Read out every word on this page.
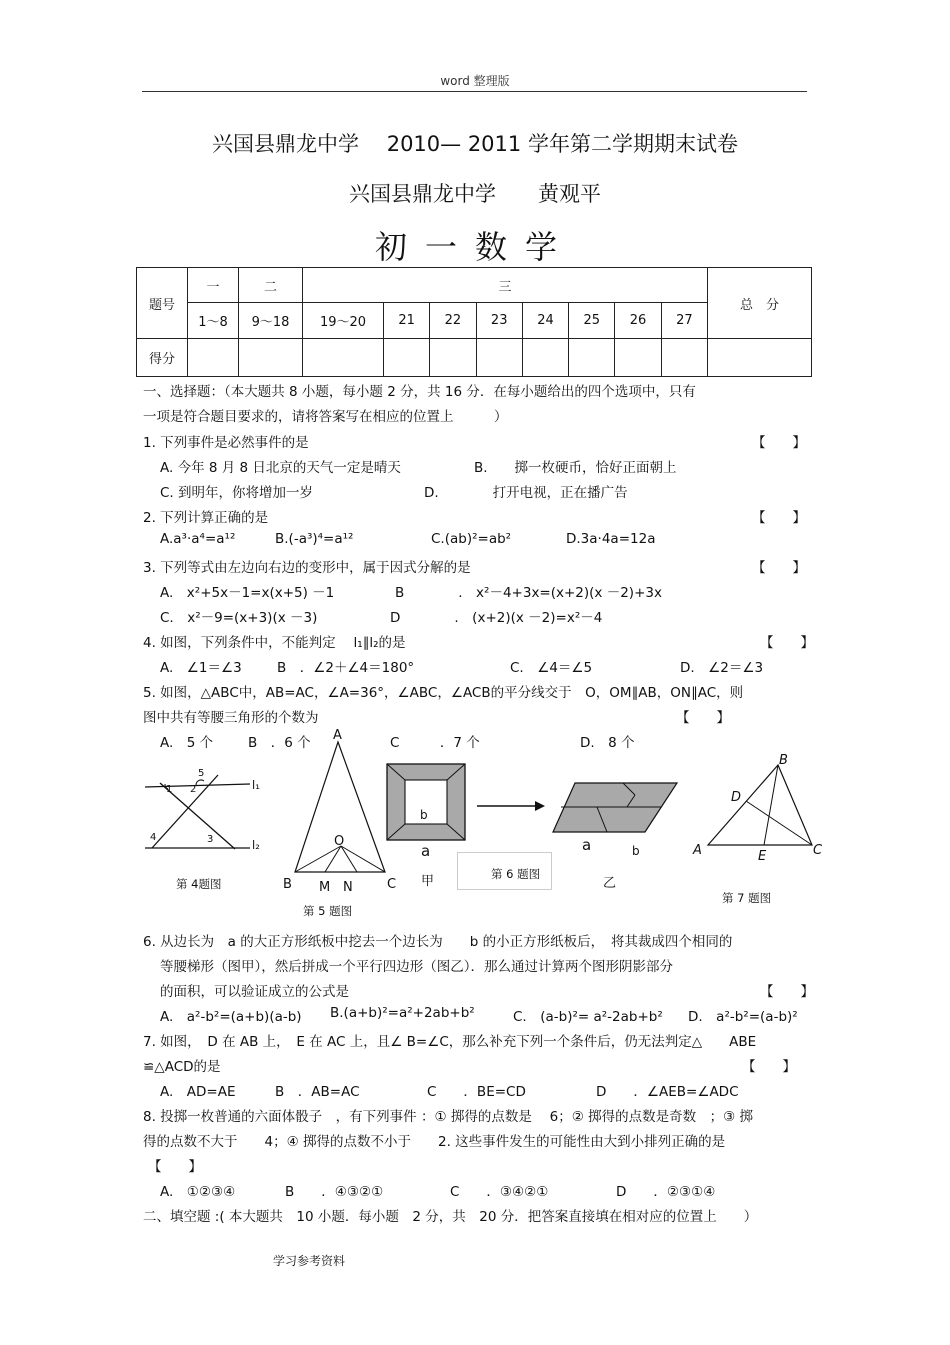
word 整理版
兴国县鼎龙中学　 2010— 2011 学年第二学期期末试卷
兴国县鼎龙中学　　黄观平
初一数学
题号	一	二	三								总　分
	1～8	9～18	19～20	21	22	23	24	25	26	27	
得分											
一、选择题：（本大题共 8 小题，每小题 2 分，共 16 分．在每小题给出的四个选项中，只有
一项是符合题目要求的，请将答案写在相应的位置上　　　）
1. 下列事件是必然事件的是	【　　】
A. 今年 8 月 8 日北京的天气一定是晴天	B.　　掷一枚硬币，恰好正面朝上
C. 到明年，你将增加一岁	D.　　　　打开电视，正在播广告
2. 下列计算正确的是	【　　】
A.a³·a⁴=a¹²	B.(-a³)⁴=a¹²	C.(ab)²=ab²	D.3a·4a=12a
3. 下列等式由左边向右边的变形中，属于因式分解的是	【　　】
A.　x²+5x－1=x(x+5) －1	B　　　　.　x²－4+3x=(x+2)(x －2)+3x
C.　x²－9=(x+3)(x －3)	D　　　　.　(x+2)(x －2)=x²－4
4. 如图，下列条件中，不能判定　 l₁∥l₂的是	【　　】
A.　∠1＝∠3	B　．∠2＋∠4＝180°	C.　∠4＝∠5	D.　∠2＝∠3
5. 如图，△ABC中，AB=AC，∠A=36°，∠ABC，∠ACB的平分线交于　O，OM∥AB，ON∥AC，则
图中共有等腰三角形的个数为	【　　】
A.　5 个	B　．6 个	C　　　．7 个	D.　8 个
l₁
l₂
1 2
3
4
5
第 4题图
A
B	C
O
M N
第 5 题图
b
a
甲
a	b
乙
第 6 题图
B
D
A	E	C
第 7 题图
6. 从边长为　a 的大正方形纸板中挖去一个边长为　　b 的小正方形纸板后，　将其裁成四个相同的
等腰梯形（图甲），然后拼成一个平行四边形（图乙）．那么通过计算两个图形阴影部分
的面积，可以验证成立的公式是	【　　】
A.　a²-b²=(a+b)(a-b) B.(a+b)²=a²+2ab+b²	C.　(a-b)²= a²-2ab+b² D.　a²-b²=(a-b)²
7. 如图，　D 在 AB 上，　E 在 AC 上，且∠ B=∠C，那么补充下列一个条件后，仍无法判定△　　ABE
≌△ACD的是	【　　】
A.　AD=AE	B　．AB=AC	C　　．BE=CD	D　　．∠AEB=∠ADC
8. 投掷一枚普通的六面体骰子　，有下列事件 ：① 掷得的点数是　 6；② 掷得的点数是奇数　；③ 掷
得的点数不大于　　4；④ 掷得的点数不小于　　2. 这些事件发生的可能性由大到小排列正确的是
【　　】
A.　①②③④	B　　．④③②①	C　　．③④②①	D　　．②③①④
二、填空题 :( 本大题共　10 小题．每小题　2 分，共　20 分．把答案直接填在相对应的位置上　　）
学习参考资料
